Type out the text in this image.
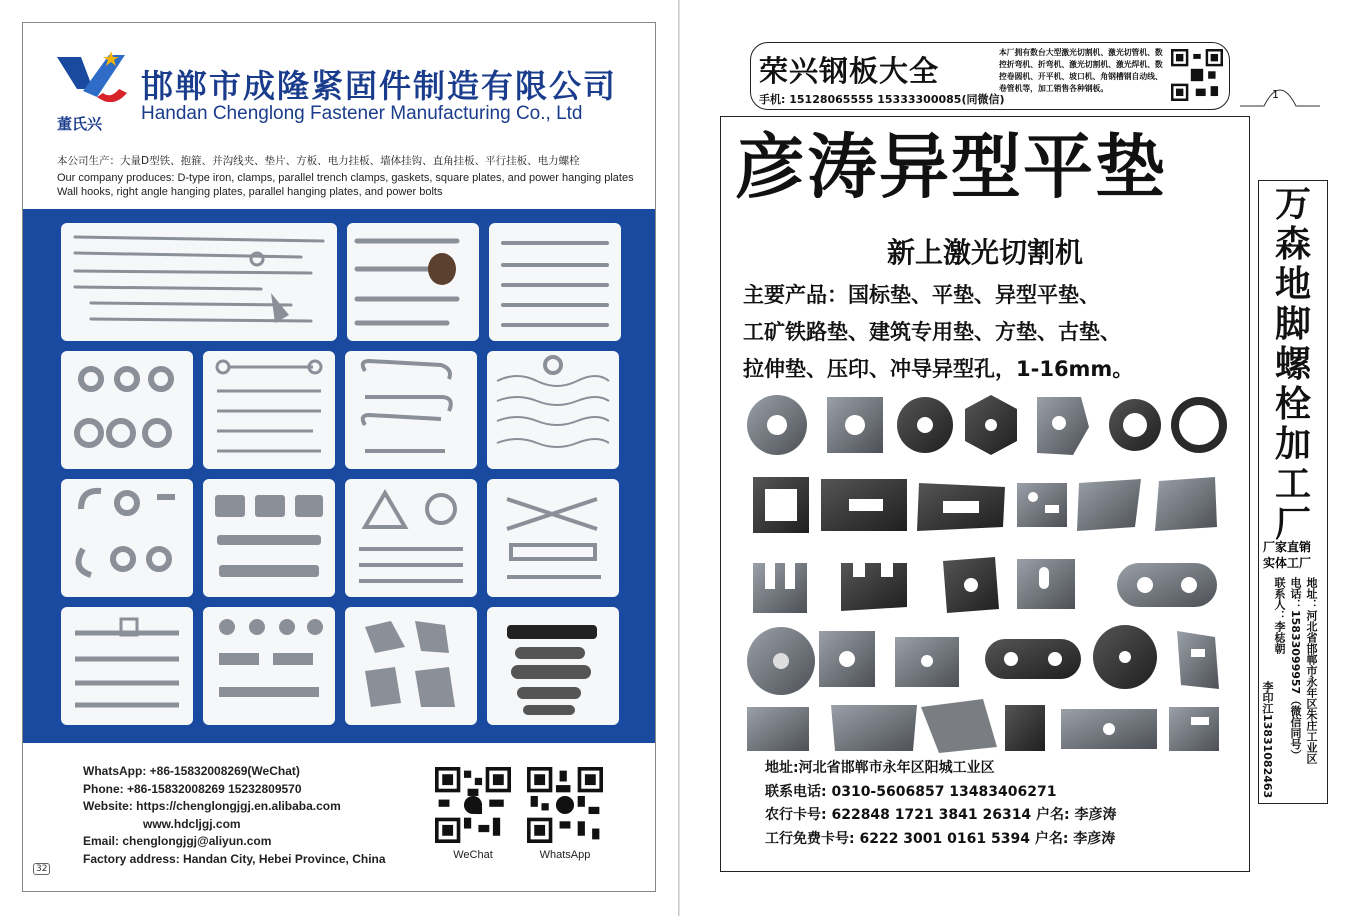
董氏兴
邯郸市成隆紧固件制造有限公司
Handan Chenglong Fastener Manufacturing Co., Ltd
本公司生产：大量D型铁、抱箍、并沟线夹、垫片、方板、电力挂板、墙体挂钩、直角挂板、平行挂板、电力螺栓
Our company produces: D-type iron, clamps, parallel trench clamps, gaskets, square plates, and power hanging plates Wall hooks, right angle hanging plates, parallel hanging plates, and power bolts
WhatsApp: +86-15832008269(WeChat)
Phone: +86-15832008269 15232809570
Website: https://chenglongjgj.en.alibaba.com
www.hdcljgj.com
Email: chenglongjgj@aliyun.com
Factory address: Handan City, Hebei Province, China	WeChat	WhatsApp
32
荣兴钢板大全
手机: 15128065555 15333300085(同微信)
本厂拥有数台大型激光切割机、激光切管机、数控折弯机、折弯机、激光切割机、激光焊机、数控卷圆机、开平机、坡口机、角钢槽钢自动线、卷管机等，加工销售各种钢板。	1
彦涛异型平垫
新上激光切割机
主要产品：国标垫、平垫、异型平垫、
工矿铁路垫、建筑专用垫、方垫、古垫、
拉伸垫、压印、冲导异型孔，1-16mm。
地址:河北省邯郸市永年区阳城工业区
联系电话: 0310-5606857 13483406271
农行卡号: 622848 1721 3841 26314 户名: 李彦涛
工行免费卡号: 6222 3001 0161 5394 户名: 李彦涛
万
森
地
脚
螺
栓
加
工
厂
厂家直销
实体工厂
地址：河北省邯郸市永年区朱庄工业区
电话：15833099957（微信同号）
联系人：李梽朝
李印江13831082463
